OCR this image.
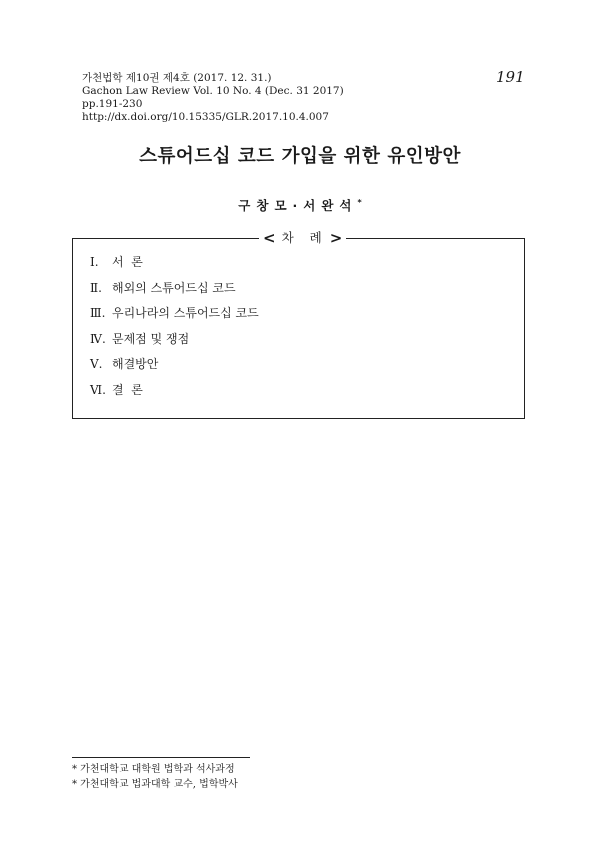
가천법학 제10권 제4호 (2017. 12. 31.)
Gachon Law Review Vol. 10 No. 4 (Dec. 31 2017)
pp.191-230
http://dx.doi.org/10.15335/GLR.2017.10.4.007
191
스튜어드십 코드 가입을 위한 유인방안
구창모·서완석*
< 차 례 >
Ⅰ. 서  론
Ⅱ. 해외의 스튜어드십 코드
Ⅲ. 우리나라의 스튜어드십 코드
Ⅳ. 문제점 및 쟁점
Ⅴ. 해결방안
Ⅵ. 결  론
* 가천대학교 대학원 법학과 석사과정
* 가천대학교 법과대학 교수, 법학박사
